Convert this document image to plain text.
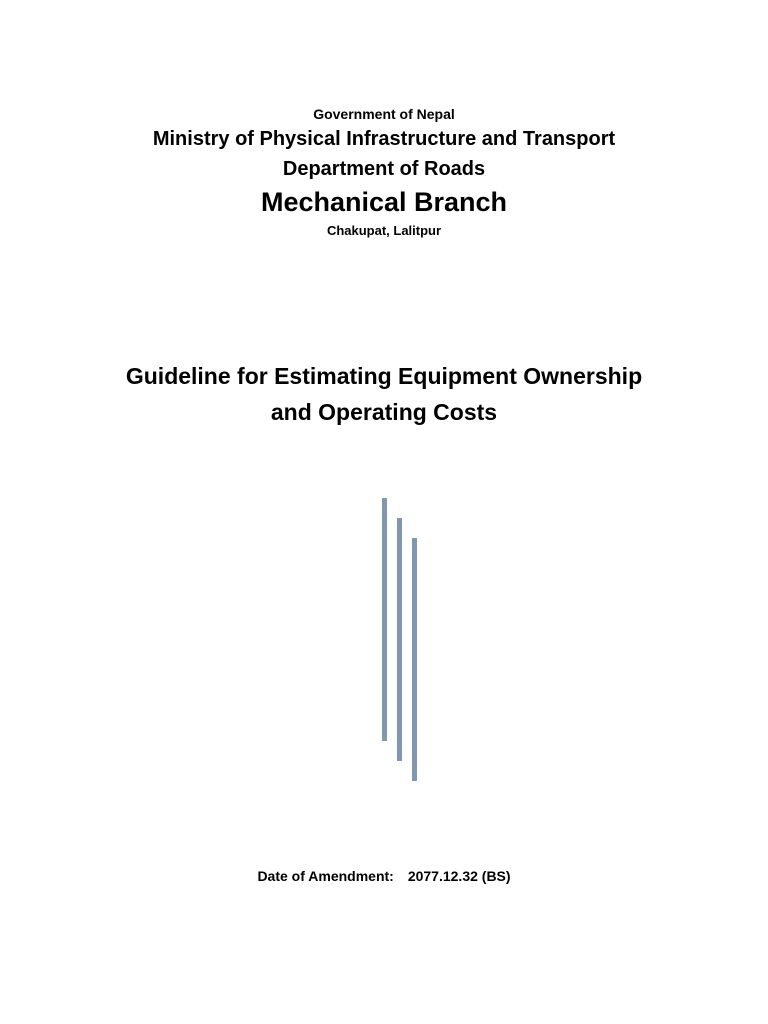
Government of Nepal
Ministry of Physical Infrastructure and Transport
Department of Roads
Mechanical Branch
Chakupat, Lalitpur
Guideline for Estimating Equipment Ownership
and Operating Costs
Date of Amendment: 2077.12.32 (BS)
